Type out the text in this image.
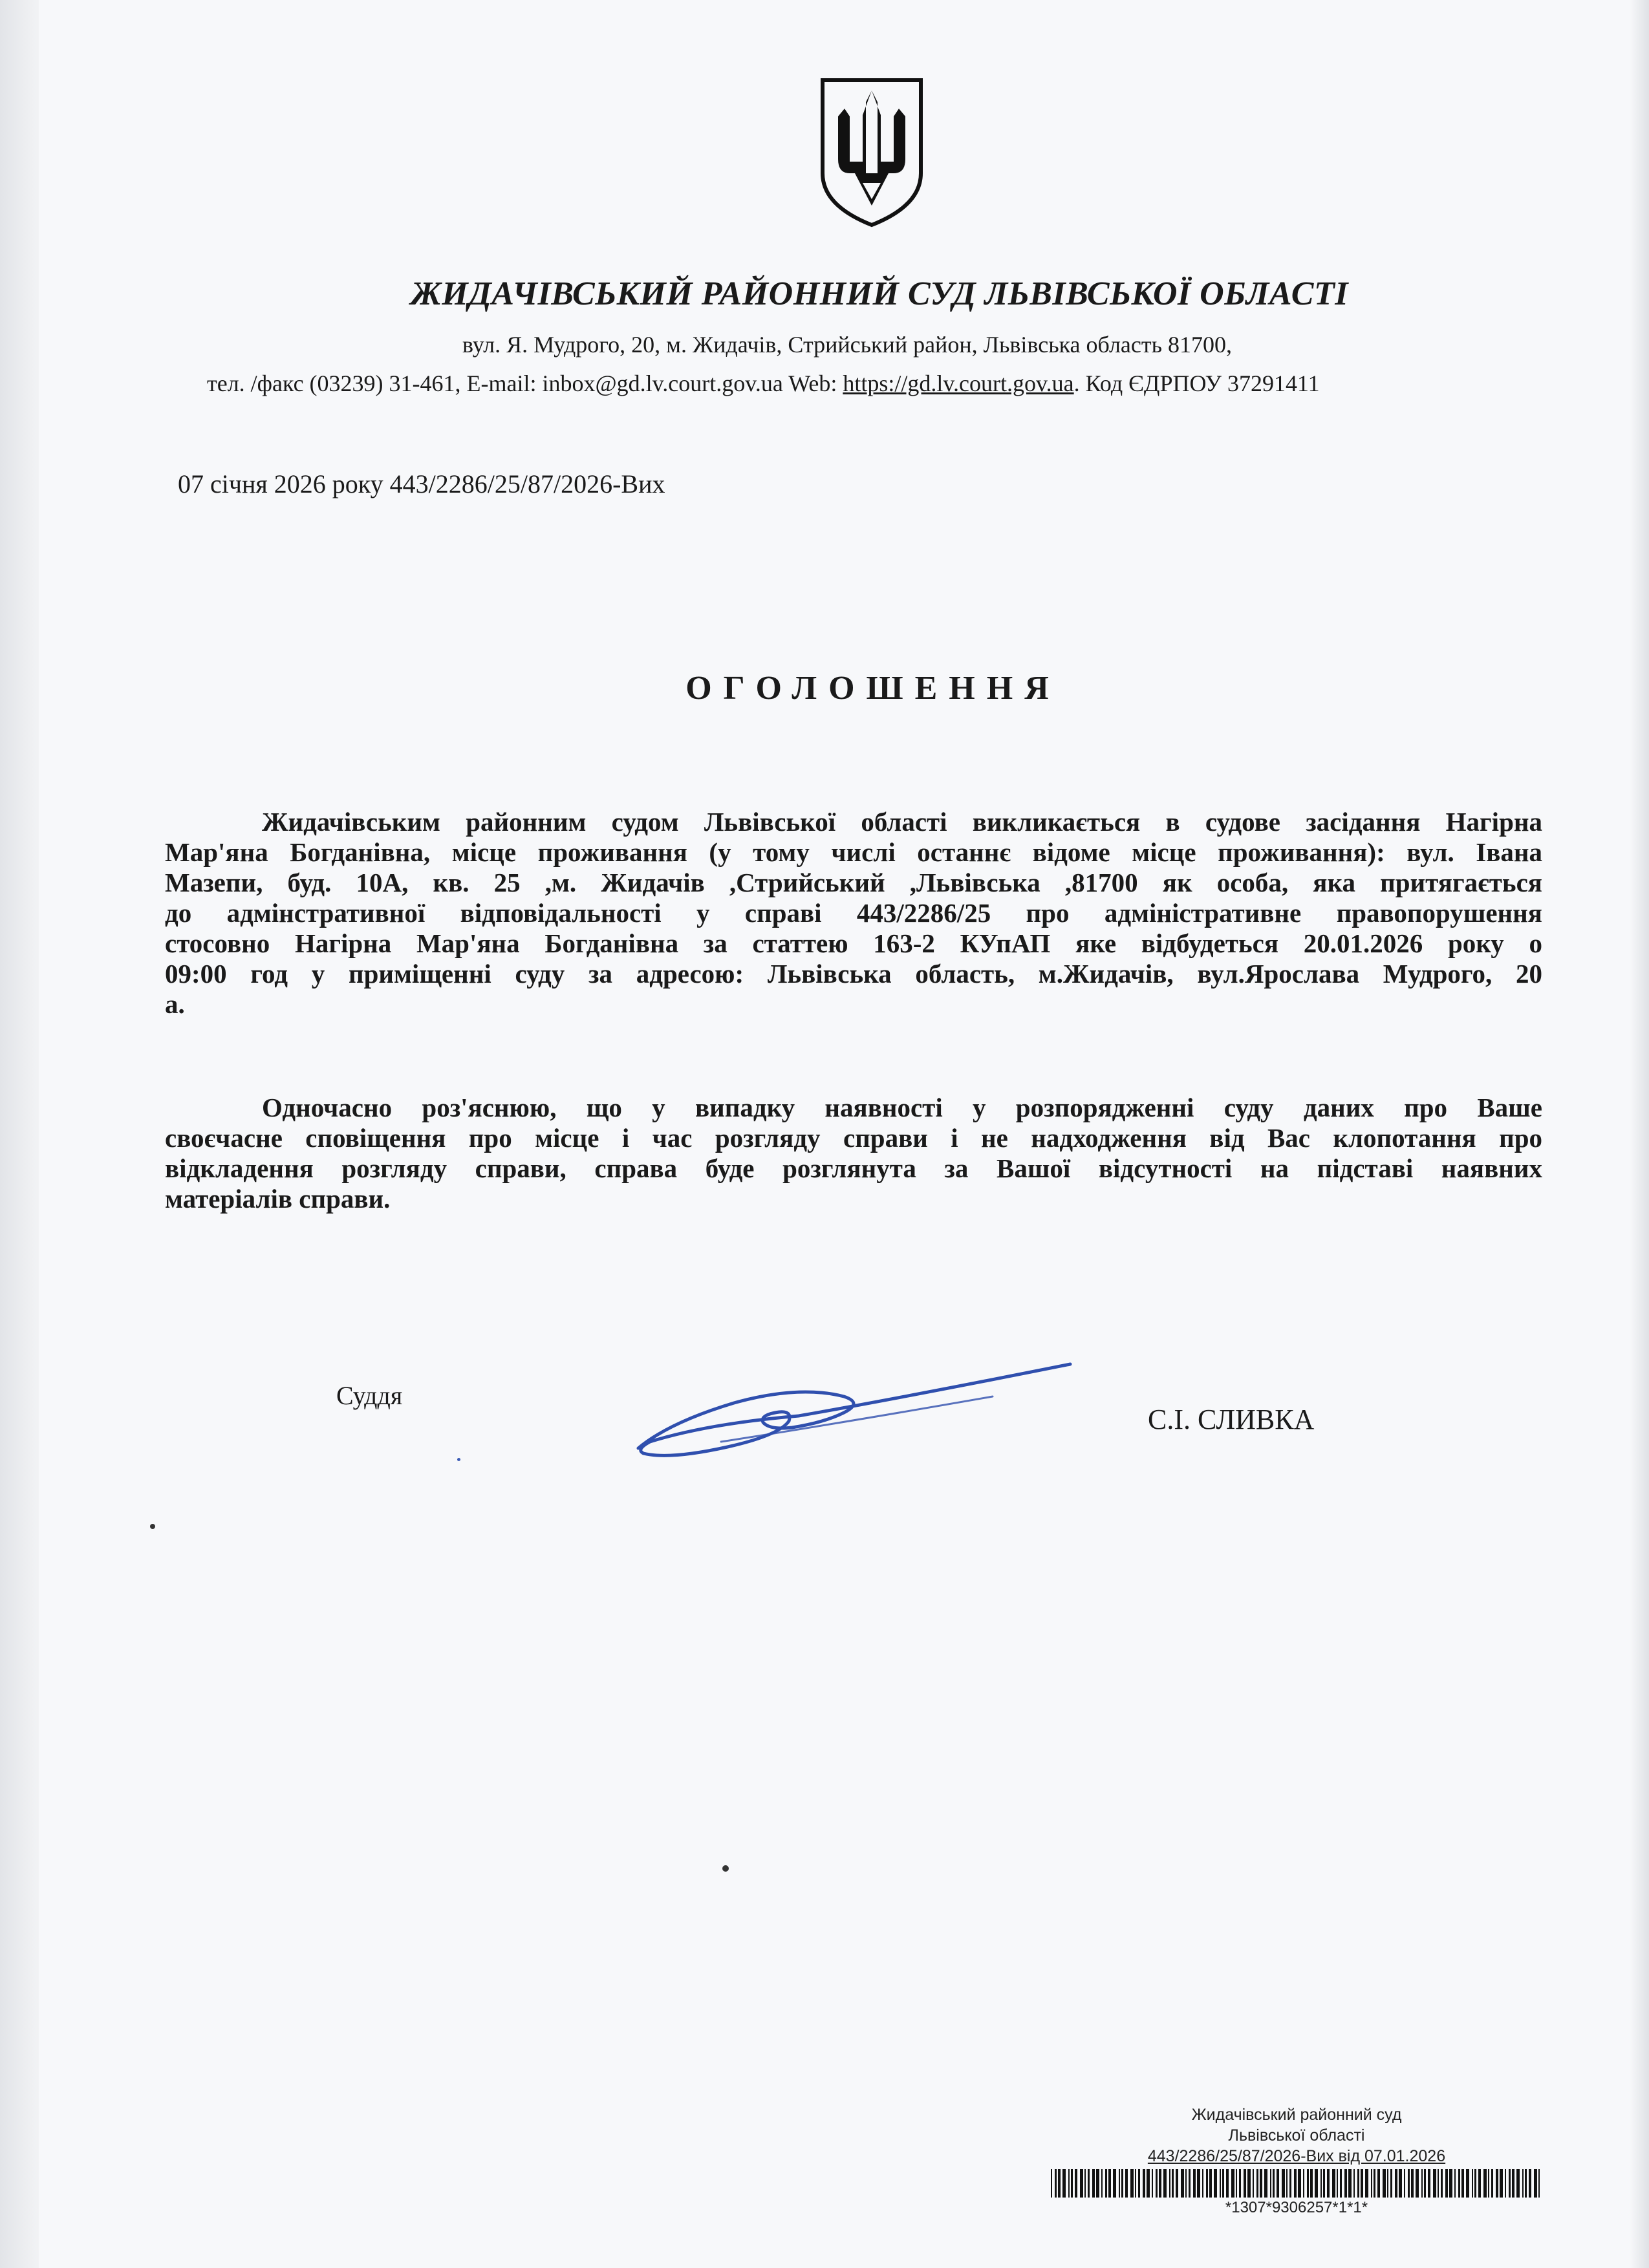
ЖИДАЧІВСЬКИЙ РАЙОННИЙ СУД ЛЬВІВСЬКОЇ ОБЛАСТІ
вул. Я. Мудрого, 20, м. Жидачів, Стрийський район, Львівська область 81700,
тел. /факс (03239) 31-461, E-mail: inbox@gd.lv.court.gov.ua Web: https://gd.lv.court.gov.ua. Код ЄДРПОУ 37291411
07 січня 2026 року 443/2286/25/87/2026-Вих
ОГОЛОШЕННЯ
Жидачівським районним судом Львівської області викликається в судове засідання Нагірна
Мар'яна Богданівна, місце проживання (у тому числі останнє відоме місце проживання): вул. Івана
Мазепи, буд. 10А, кв. 25 ,м. Жидачів ,Стрийський ,Львівська ,81700 як особа, яка притягається
до адмінстративної відповідальності у справі 443/2286/25 про адміністративне правопорушення
стосовно Нагірна Мар'яна Богданівна за статтею 163-2 КУпАП яке відбудеться 20.01.2026 року о
09:00 год у приміщенні суду за адресою: Львівська область, м.Жидачів, вул.Ярослава Мудрого, 20
а.
Одночасно роз'яснюю, що у випадку наявності у розпорядженні суду даних про Ваше
своєчасне сповіщення про місце і час розгляду справи і не надходження від Вас клопотання про
відкладення розгляду справи, справа буде розглянута за Вашої відсутності на підставі наявних
матеріалів справи.
Суддя
С.І. СЛИВКА
Жидачівський районний суд
Львівської області
443/2286/25/87/2026-Вих від 07.01.2026
*1307*9306257*1*1*
